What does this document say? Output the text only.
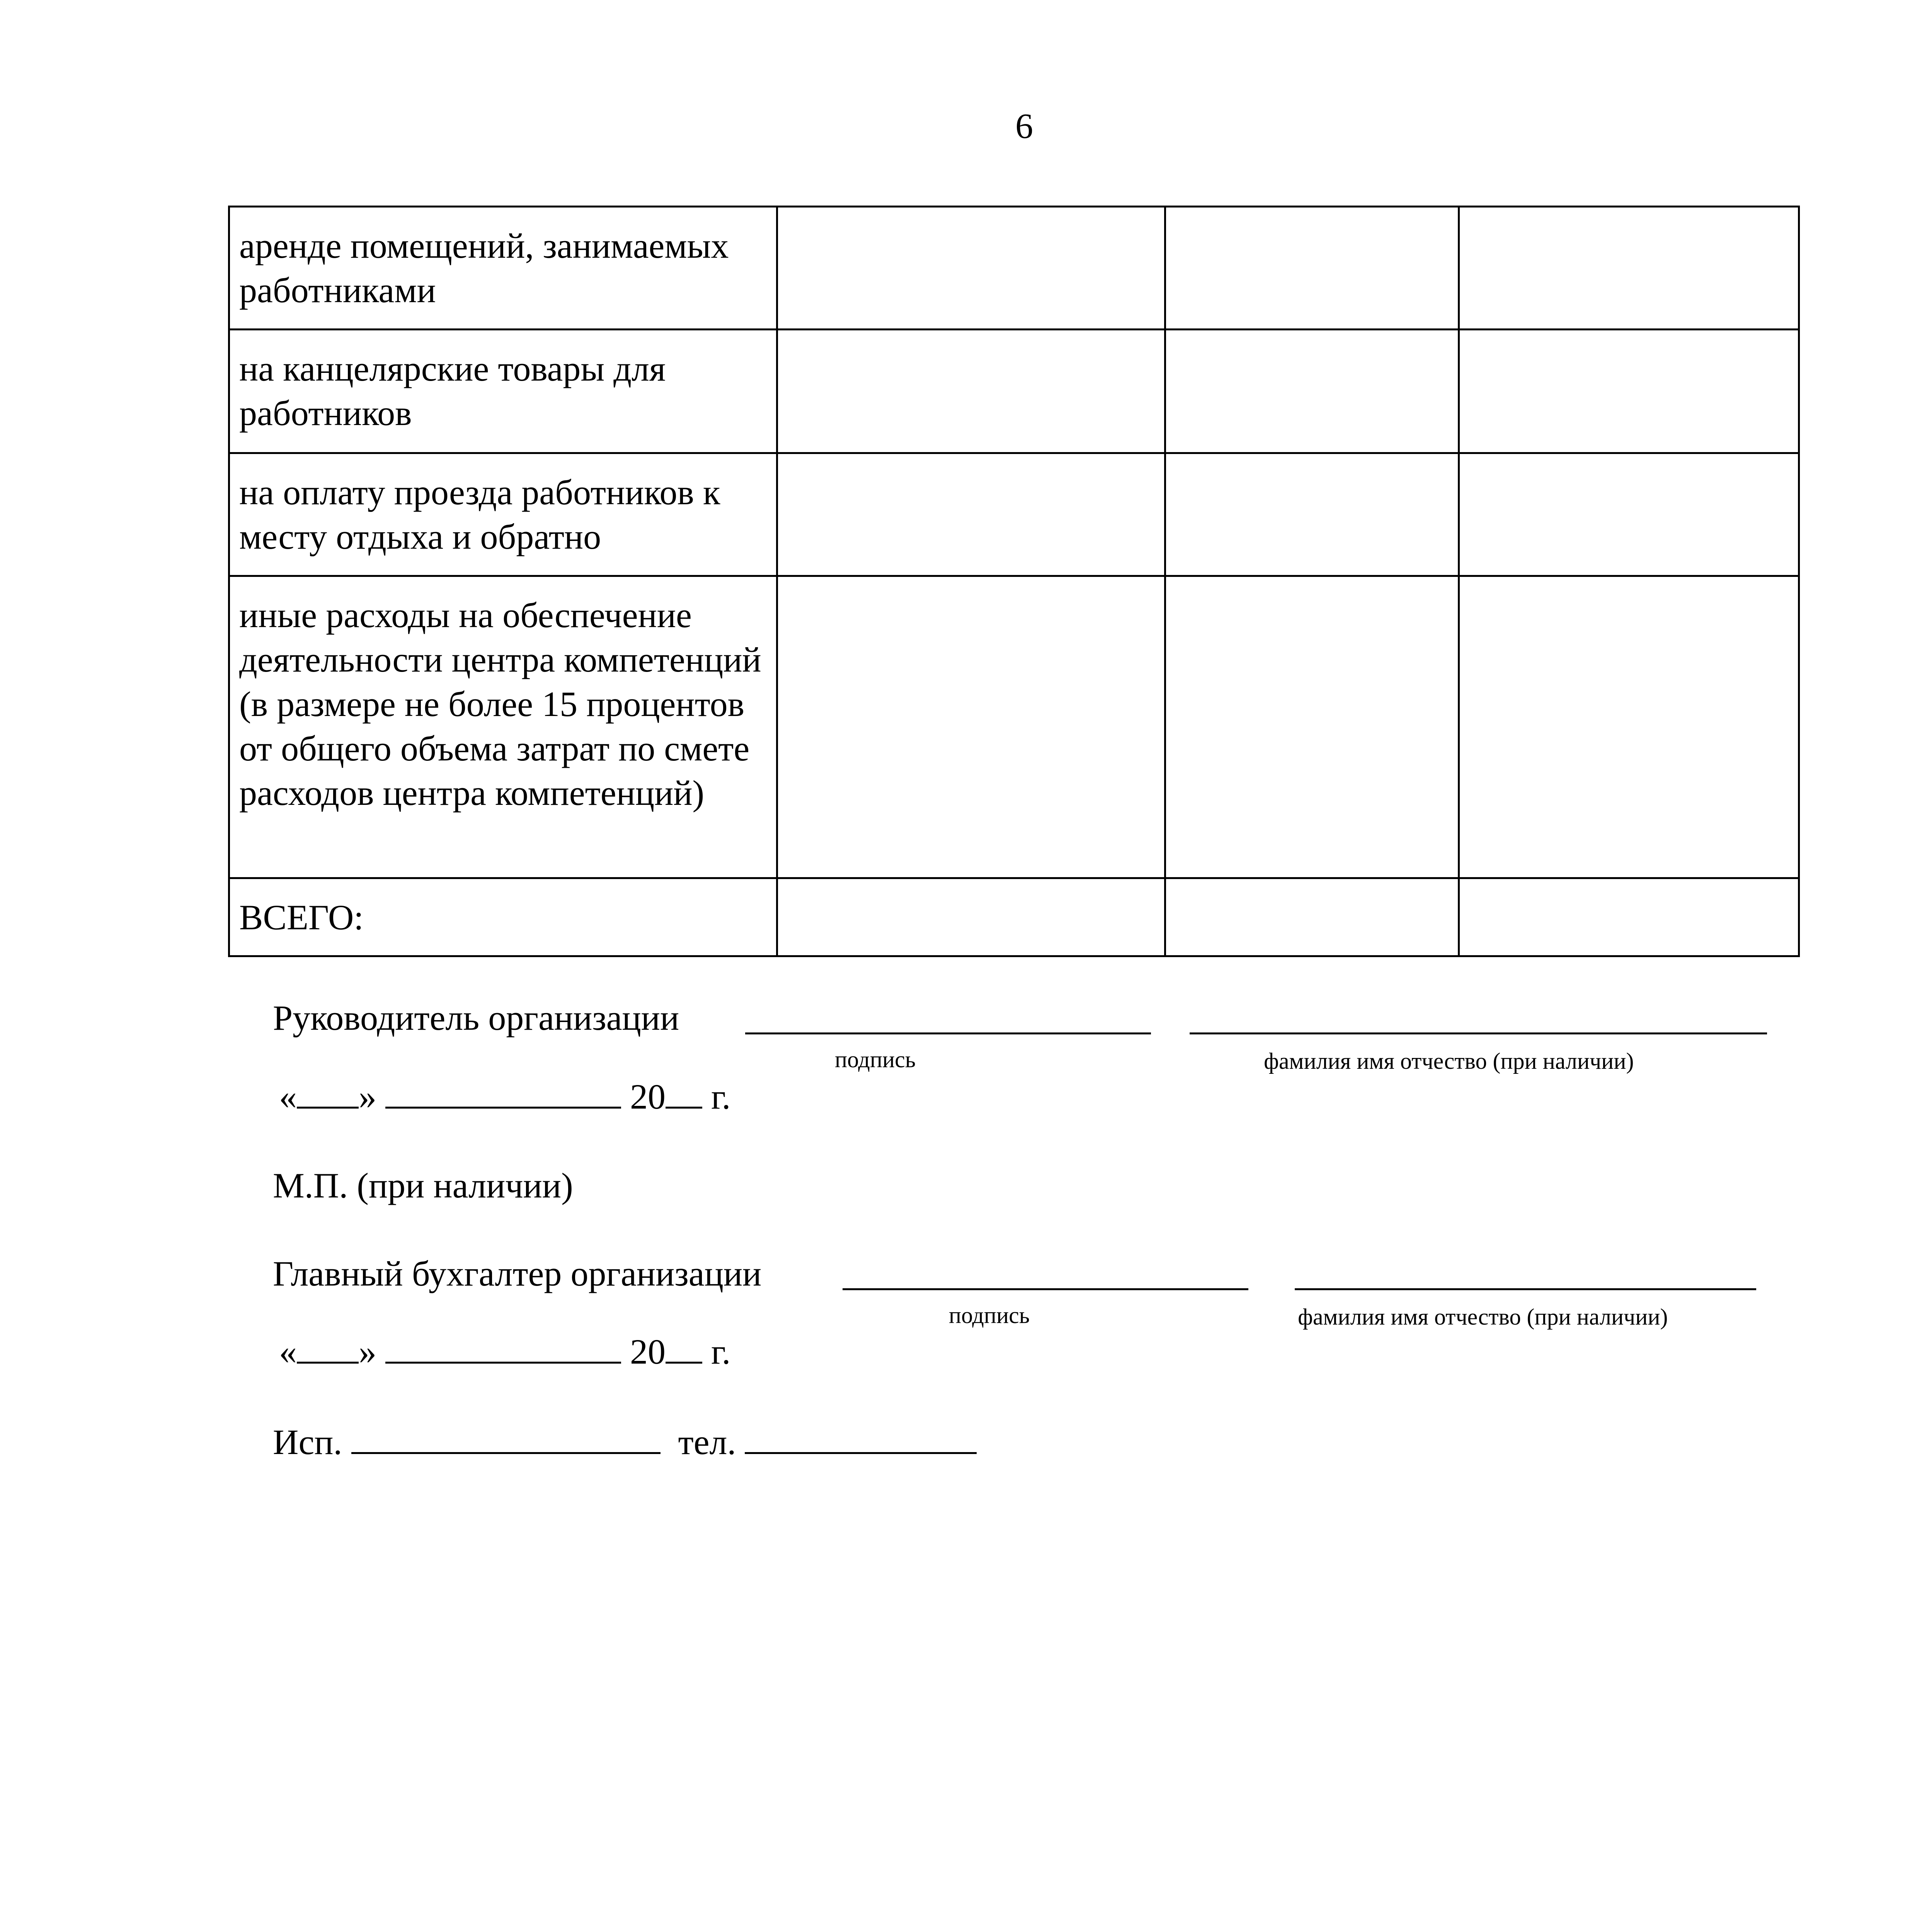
6
аренде помещений, занимаемых работниками			
на канцелярские товары для работников			
на оплату проезда работников к месту отдыха и обратно			
иные расходы на обеспечение деятельности центра компетенций (в размере не более 15 процентов от общего объема затрат по смете расходов центра компетенций)			
ВСЕГО:			
Руководитель организации
подпись	фамилия имя отчество (при наличии)
« »	20 г.
М.П. (при наличии)
Главный бухгалтер организации
подпись	фамилия имя отчество (при наличии)
« »	20 г.
Исп.	тел.
